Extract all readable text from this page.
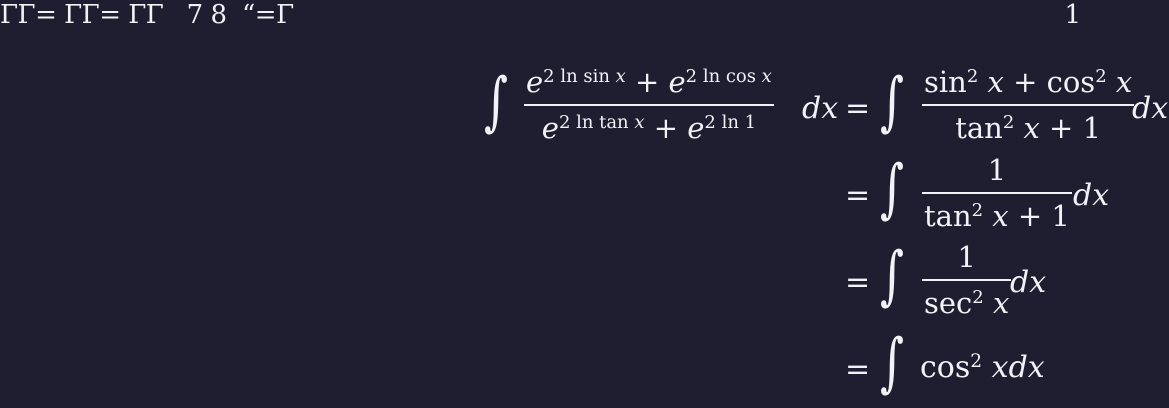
ΓΓ= ΓΓ= ΓΓ   7 8  “=Γ	1
∫ $e^{2 ln sin x} + e^{2 ln cos x}$
$e^{2 ln tan x} + e^{2 ln 1}$ dx = ∫ $\sin^2 x + \cos^2 x$
$\tan^2 x + 1$
dx
= ∫	1
$\tan^2 x + 1$
dx
= ∫ 1
$\sec^2 x$
dx
= ∫ $\cos^2$ xdx
